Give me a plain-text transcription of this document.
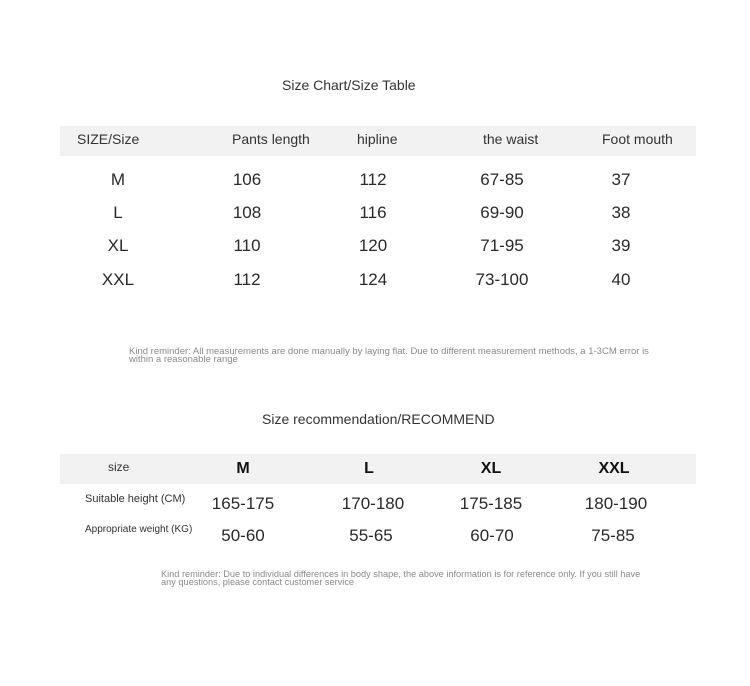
Size Chart/Size Table
SIZE/Size	Pants length	hipline	the waist	Foot mouth
M	106	112	67-85	37
L	108	116	69-90	38
XL	110	120	71-95	39
XXL	112	124	73-100	40
Kind reminder: All measurements are done manually by laying flat. Due to different measurement methods, a 1-3CM error is
within a reasonable range
Size recommendation/RECOMMEND
size	M	L	XL	XXL
Suitable height (CM) 165-175	170-180	175-185	180-190
Appropriate weight (KG) 50-60	55-65	60-70	75-85
Kind reminder: Due to individual differences in body shape, the above information is for reference only. If you still have
any questions, please contact customer service
